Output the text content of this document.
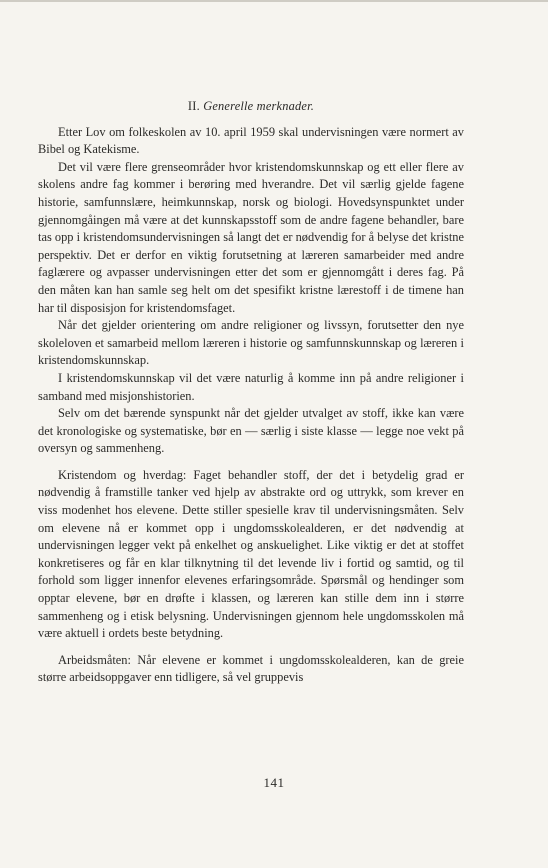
II. Generelle merknader.

Etter Lov om folkeskolen av 10. april 1959 skal undervisningen være normert av Bibel og Katekisme.

Det vil være flere grenseområder hvor kristendomskunnskap og ett eller flere av skolens andre fag kommer i berøring med hverandre. Det vil særlig gjelde fagene historie, samfunnslære, heimkunnskap, norsk og biologi. Hovedsynspunktet under gjennomgåingen må være at det kunnskapsstoff som de andre fagene behandler, bare tas opp i kristendomsundervisningen så langt det er nødvendig for å belyse det kristne perspektiv. Det er derfor en viktig forutsetning at læreren samarbeider med andre faglærere og avpasser undervisningen etter det som er gjennomgått i deres fag. På den måten kan han samle seg helt om det spesifikt kristne lærestoff i de timene han har til disposisjon for kristendomsfaget.

Når det gjelder orientering om andre religioner og livssyn, forutsetter den nye skoleloven et samarbeid mellom læreren i historie og samfunnskunnskap og læreren i kristendomskunnskap.

I kristendomskunnskap vil det være naturlig å komme inn på andre religioner i samband med misjonshistorien.

Selv om det bærende synspunkt når det gjelder utvalget av stoff, ikke kan være det kronologiske og systematiske, bør en — særlig i siste klasse — legge noe vekt på oversyn og sammenheng.

Kristendom og hverdag: Faget behandler stoff, der det i betydelig grad er nødvendig å framstille tanker ved hjelp av abstrakte ord og uttrykk, som krever en viss modenhet hos elevene. Dette stiller spesielle krav til undervisningsmåten. Selv om elevene nå er kommet opp i ungdomsskolealderen, er det nødvendig at undervisningen legger vekt på enkelhet og anskuelighet. Like viktig er det at stoffet konkretiseres og får en klar tilknytning til det levende liv i fortid og samtid, og til forhold som ligger innenfor elevenes erfaringsområde. Spørsmål og hendinger som opptar elevene, bør en drøfte i klassen, og læreren kan stille dem inn i større sammenheng og i etisk belysning. Undervisningen gjennom hele ungdomsskolen må være aktuell i ordets beste betydning.

Arbeidsmåten: Når elevene er kommet i ungdomsskolealderen, kan de greie større arbeidsoppgaver enn tidligere, så vel gruppevis

141
